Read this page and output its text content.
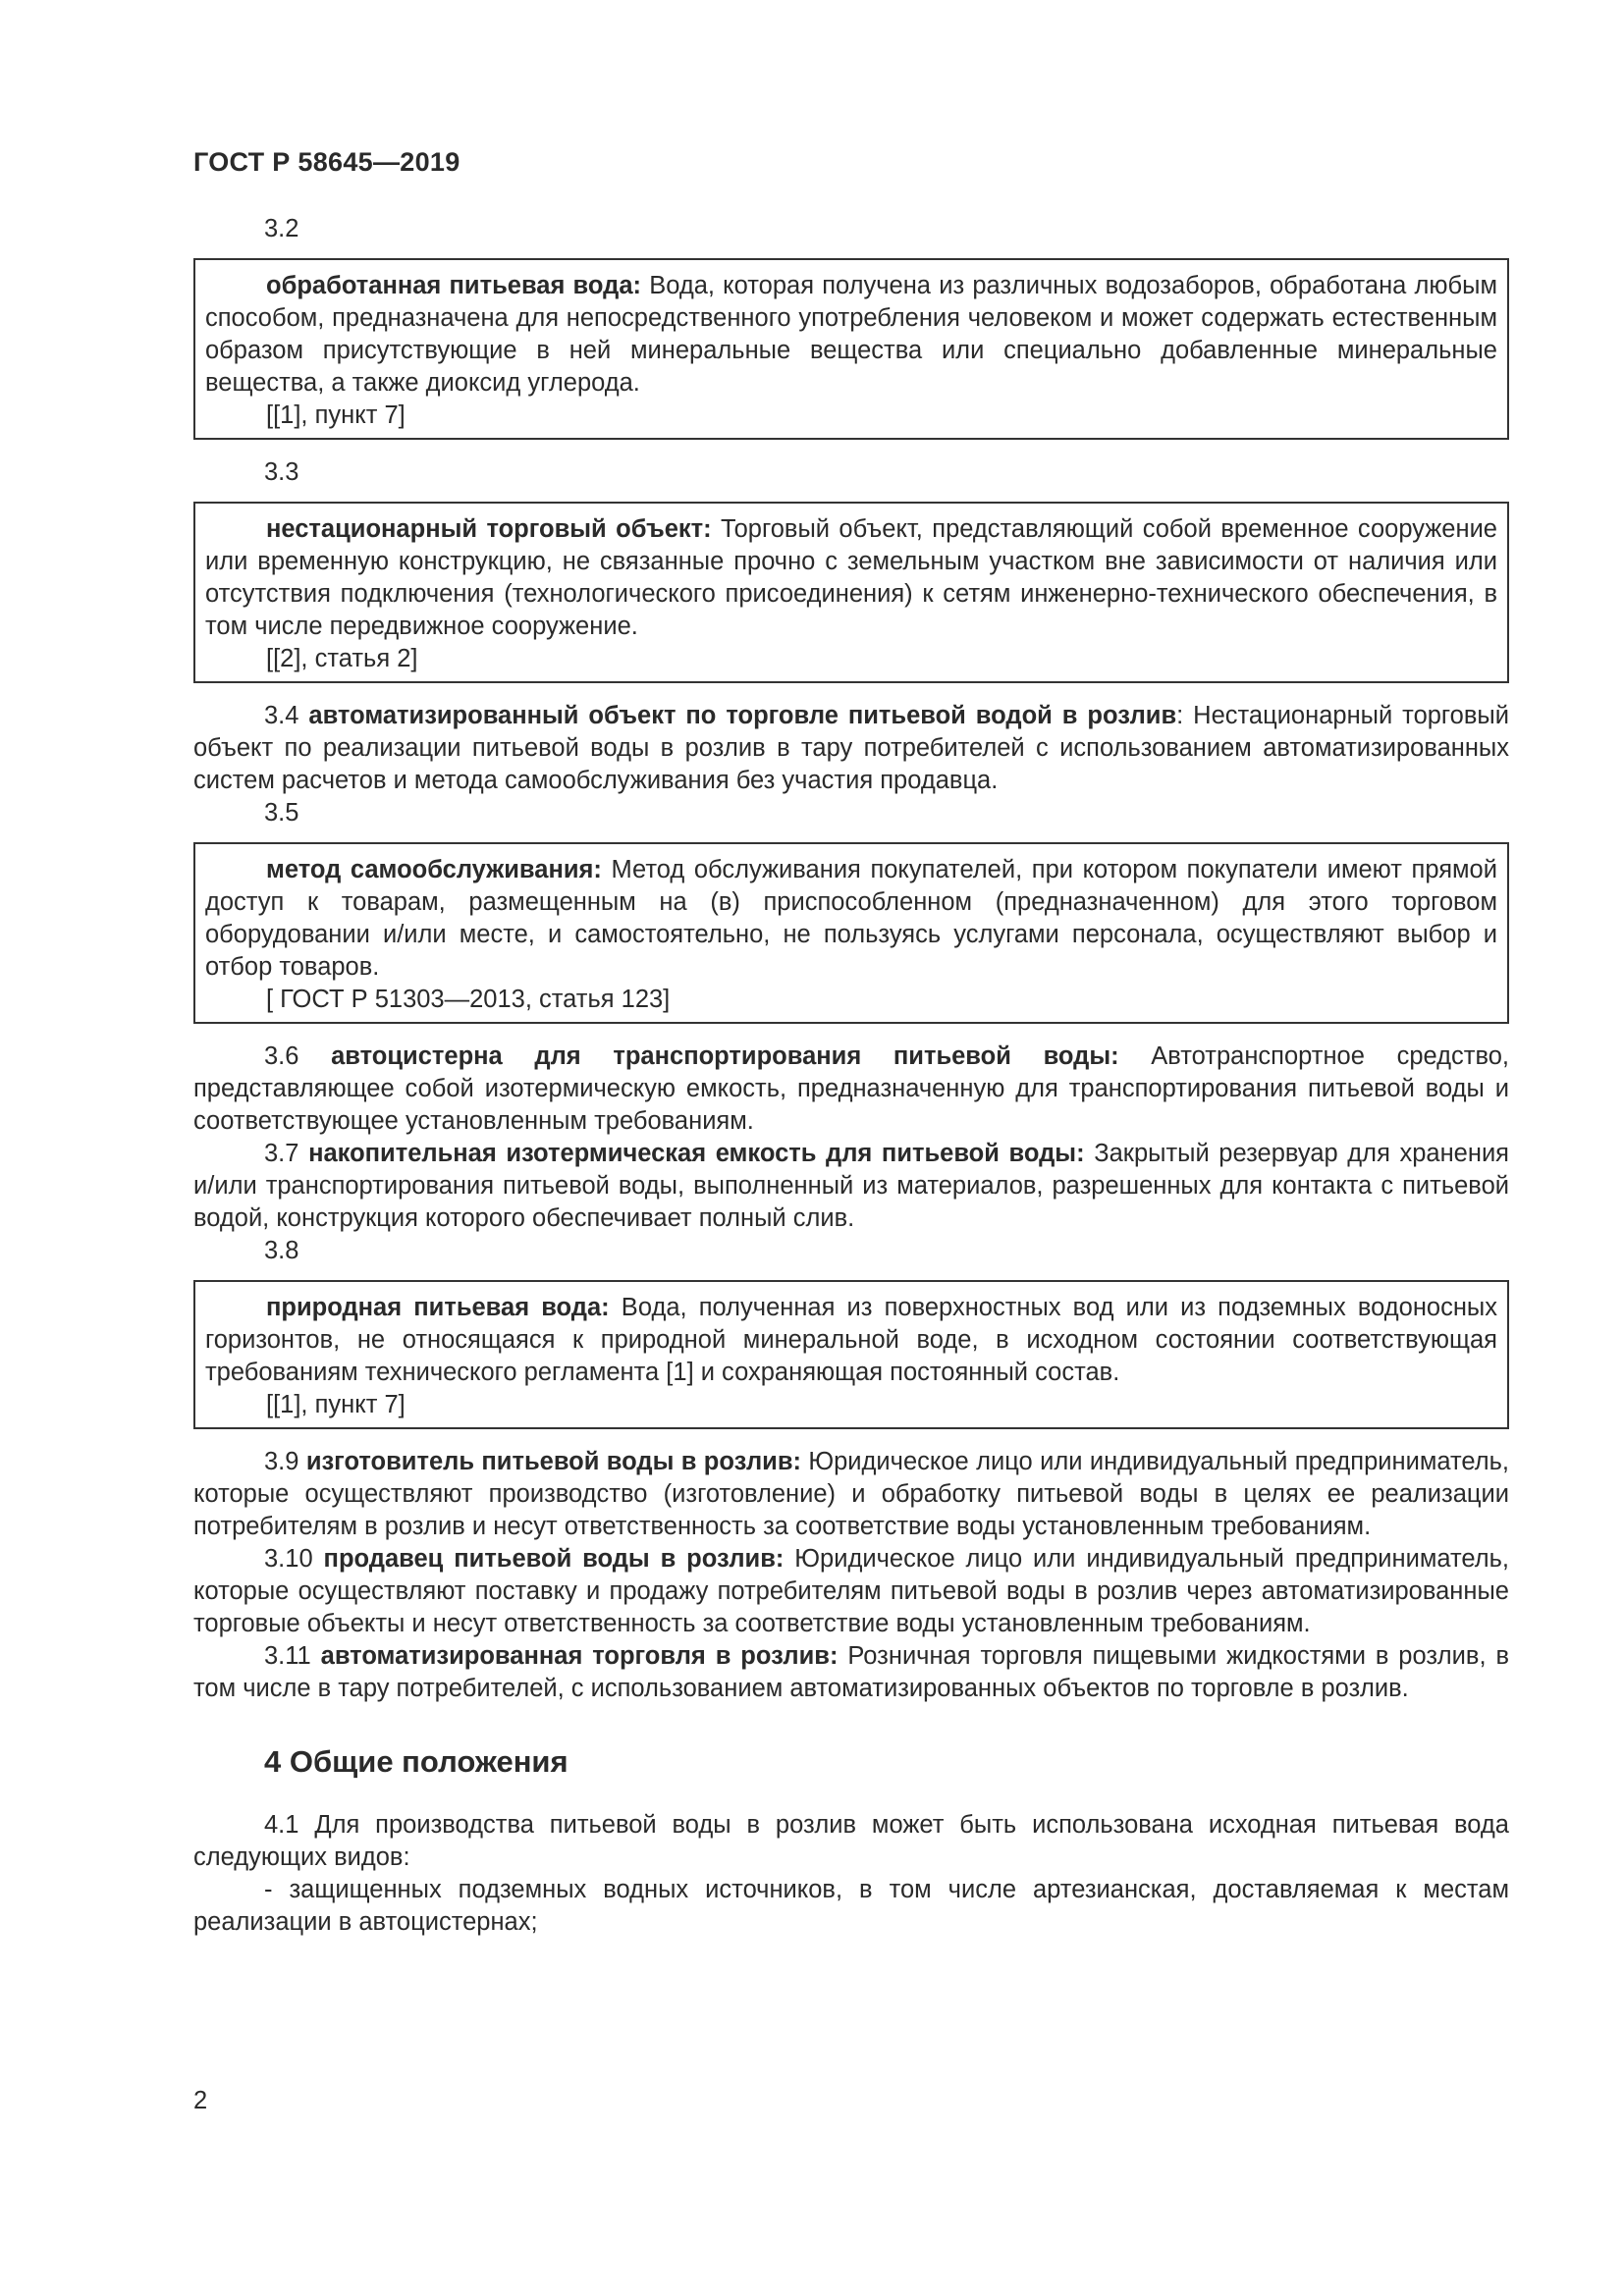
ГОСТ Р 58645—2019
3.2

обработанная питьевая вода: Вода, которая получена из различных водозаборов, обработана любым способом, предназначена для непосредственного употребления человеком и может содержать естественным образом присутствующие в ней минеральные вещества или специально добавленные минеральные вещества, а также диоксид углерода.

[[1], пункт 7]
3.3

нестационарный торговый объект: Торговый объект, представляющий собой временное сооружение или временную конструкцию, не связанные прочно с земельным участком вне зависимости от наличия или отсутствия подключения (технологического присоединения) к сетям инженерно-технического обеспечения, в том числе передвижное сооружение.

[[2], статья 2]

3.4 автоматизированный объект по торговле питьевой водой в розлив: Нестационарный торговый объект по реализации питьевой воды в розлив в тару потребителей с использованием автоматизированных систем расчетов и метода самообслуживания без участия продавца.

3.5

метод самообслуживания: Метод обслуживания покупателей, при котором покупатели имеют прямой доступ к товарам, размещенным на (в) приспособленном (предназначенном) для этого торговом оборудовании и/или месте, и самостоятельно, не пользуясь услугами персонала, осуществляют выбор и отбор товаров.

[ ГОСТ Р 51303—2013, статья 123]

3.6 автоцистерна для транспортирования питьевой воды: Автотранспортное средство, представляющее собой изотермическую емкость, предназначенную для транспортирования питьевой воды и соответствующее установленным требованиям.

3.7 накопительная изотермическая емкость для питьевой воды: Закрытый резервуар для хранения и/или транспортирования питьевой воды, выполненный из материалов, разрешенных для контакта с питьевой водой, конструкция которого обеспечивает полный слив.

3.8

природная питьевая вода: Вода, полученная из поверхностных вод или из подземных водоносных горизонтов, не относящаяся к природной минеральной воде, в исходном состоянии соответствующая требованиям технического регламента [1] и сохраняющая постоянный состав.

[[1], пункт 7]

3.9 изготовитель питьевой воды в розлив: Юридическое лицо или индивидуальный предприниматель, которые осуществляют производство (изготовление) и обработку питьевой воды в целях ее реализации потребителям в розлив и несут ответственность за соответствие воды установленным требованиям.

3.10 продавец питьевой воды в розлив: Юридическое лицо или индивидуальный предприниматель, которые осуществляют поставку и продажу потребителям питьевой воды в розлив через автоматизированные торговые объекты и несут ответственность за соответствие воды установленным требованиям.

3.11 автоматизированная торговля в розлив: Розничная торговля пищевыми жидкостями в розлив, в том числе в тару потребителей, с использованием автоматизированных объектов по торговле в розлив.

4 Общие положения

4.1 Для производства питьевой воды в розлив может быть использована исходная питьевая вода следующих видов:

- защищенных подземных водных источников, в том числе артезианская, доставляемая к местам реализации в автоцистернах;

2
